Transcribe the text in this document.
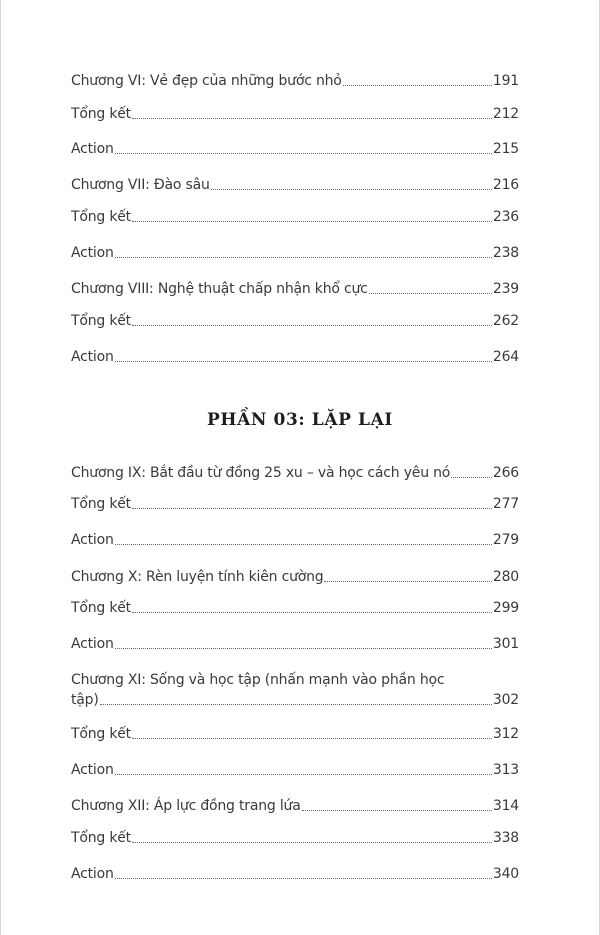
Chương VI: Vẻ đẹp của những bước nhỏ	191
Tổng kết	212
Action	215
Chương VII: Đào sâu	216
Tổng kết	236
Action	238
Chương VIII: Nghệ thuật chấp nhận khổ cực	239
Tổng kết	262
Action	264
PHẦN 03: LẶP LẠI
Chương IX: Bắt đầu từ đồng 25 xu – và học cách yêu nó	266
Tổng kết	277
Action	279
Chương X: Rèn luyện tính kiên cường	280
Tổng kết	299
Action	301
Chương XI: Sống và học tập (nhấn mạnh vào phần học
tập)	302
Tổng kết	312
Action	313
Chương XII: Áp lực đồng trang lứa	314
Tổng kết	338
Action	340
